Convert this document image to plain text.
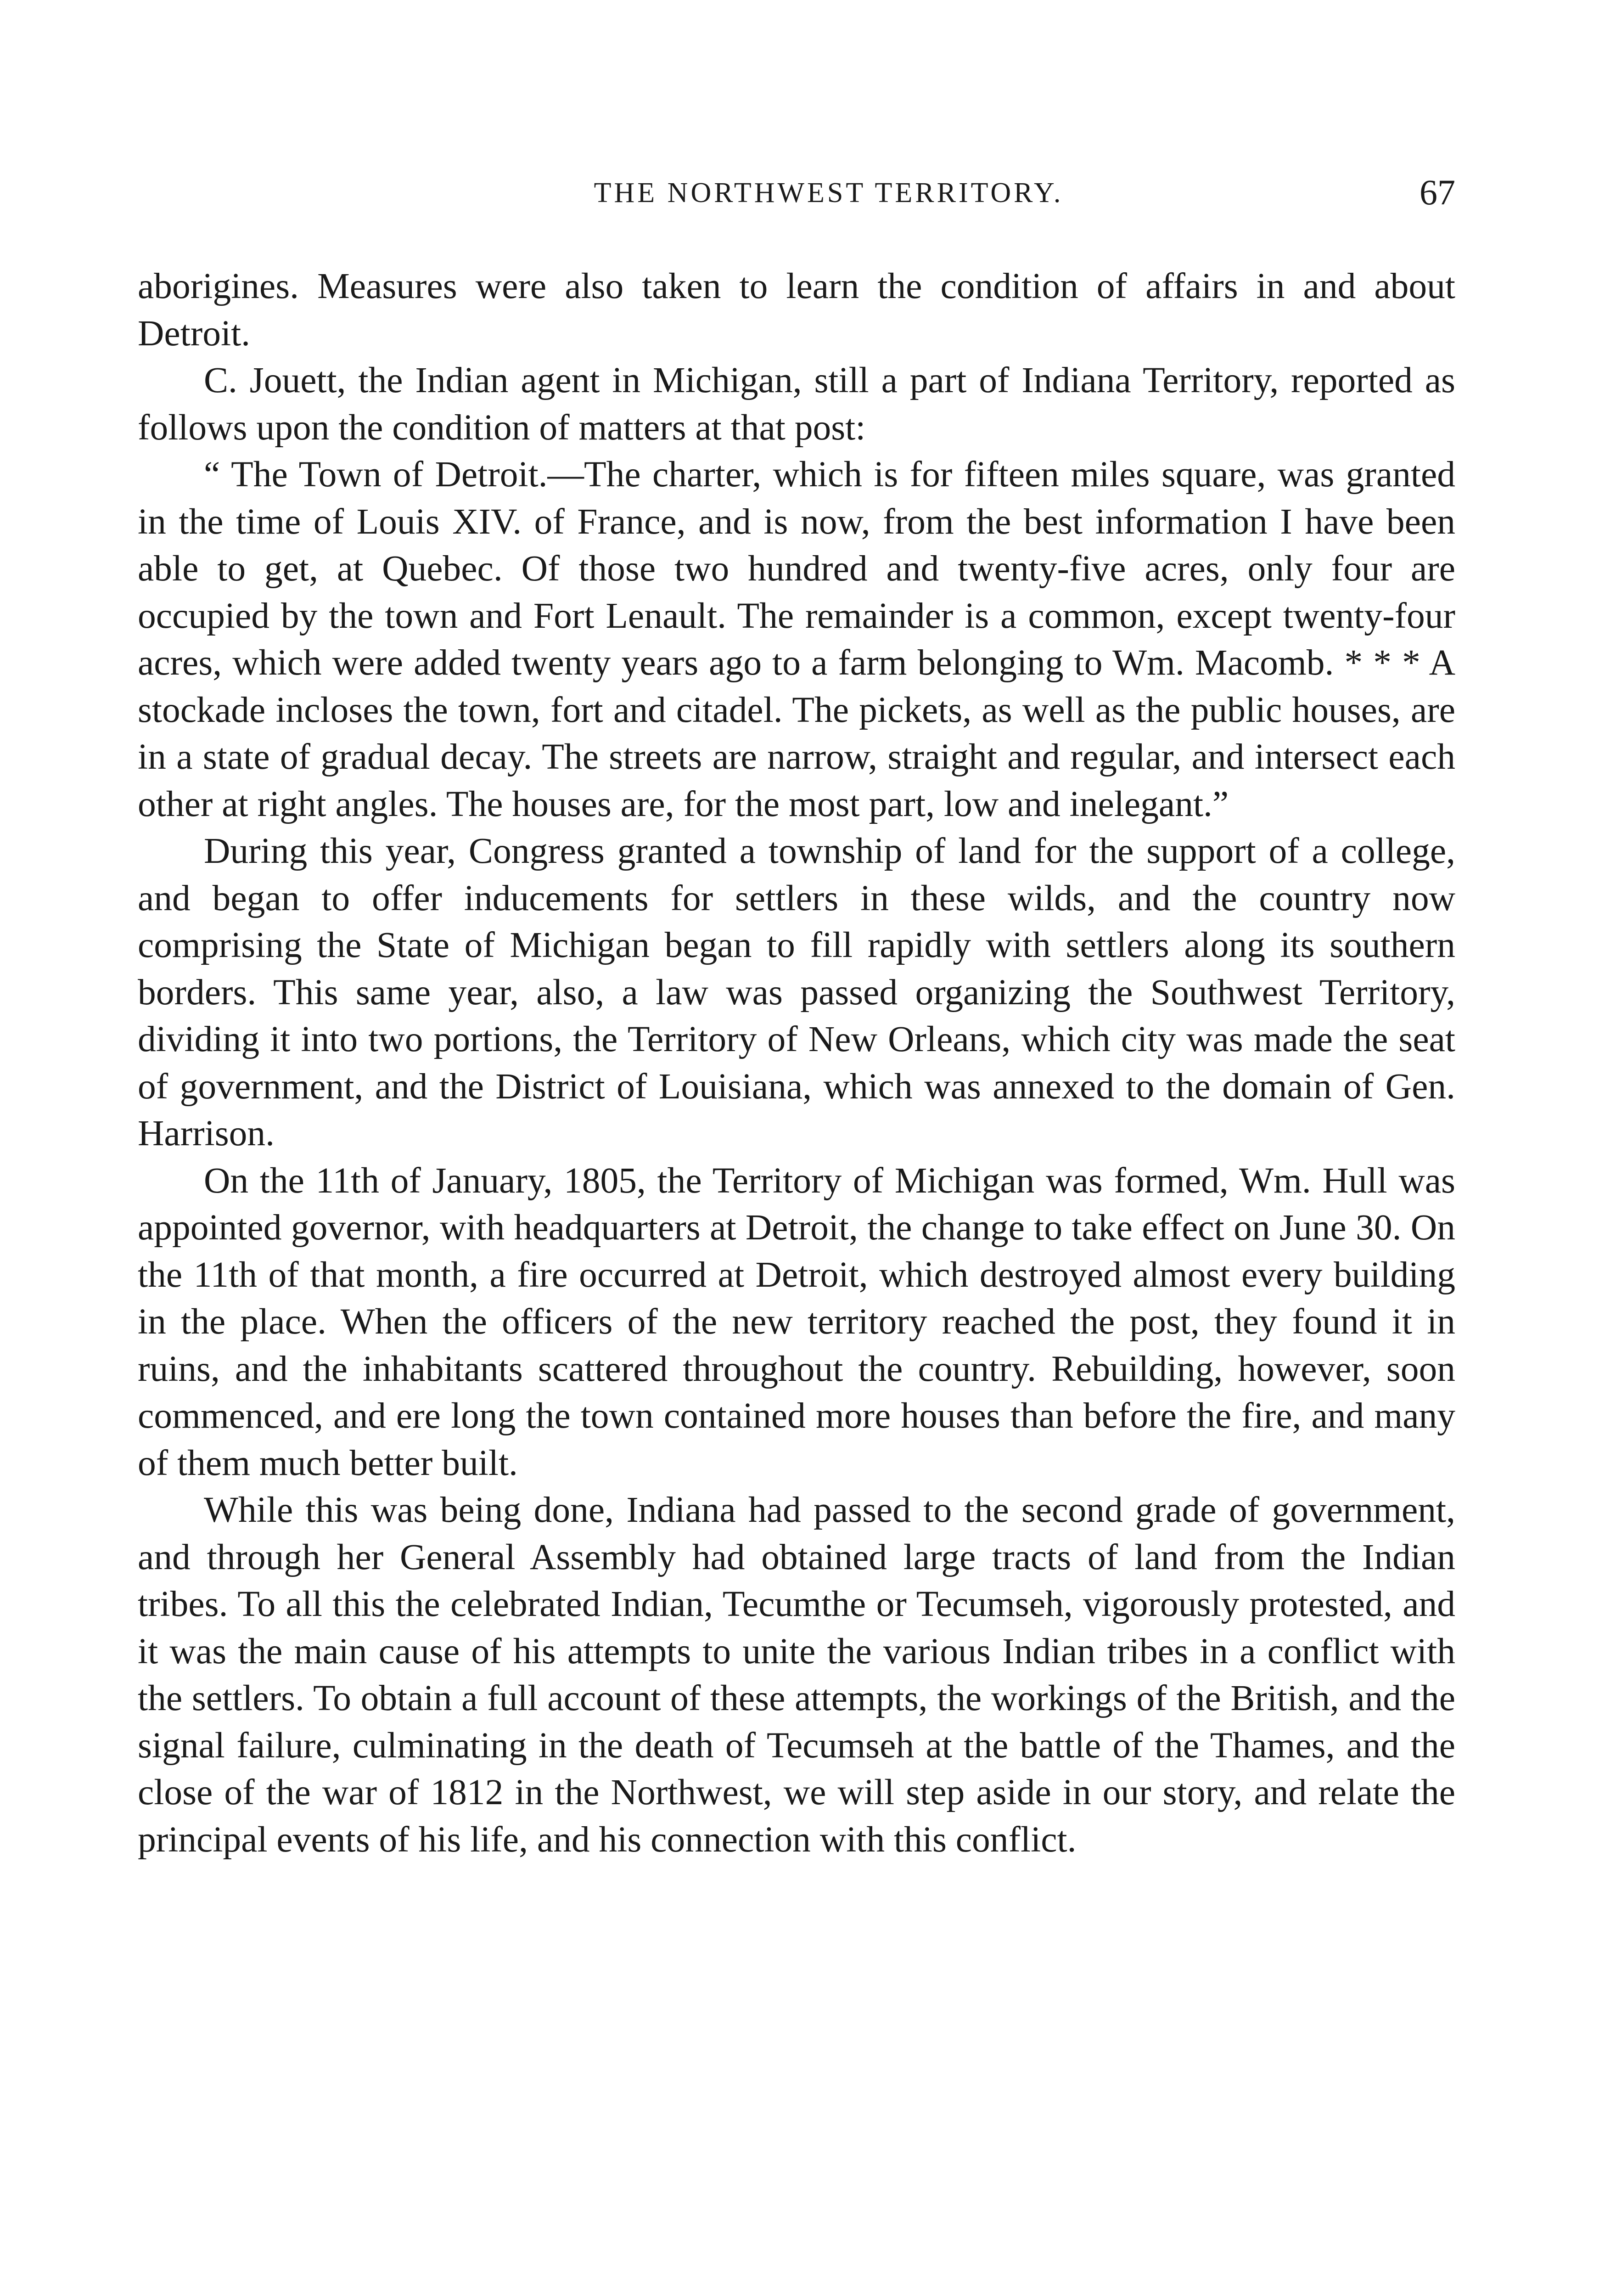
THE NORTHWEST TERRITORY.	67

aborigines. Measures were also taken to learn the condition of affairs in and about Detroit.

C. Jouett, the Indian agent in Michigan, still a part of Indiana Territory, reported as follows upon the condition of matters at that post:

“ The Town of Detroit.—The charter, which is for fifteen miles square, was granted in the time of Louis XIV. of France, and is now, from the best information I have been able to get, at Quebec. Of those two hundred and twenty-five acres, only four are occupied by the town and Fort Lenault. The remainder is a common, except twenty-four acres, which were added twenty years ago to a farm belonging to Wm. Macomb. * * * A stockade incloses the town, fort and citadel. The pickets, as well as the public houses, are in a state of gradual decay. The streets are narrow, straight and regular, and intersect each other at right angles. The houses are, for the most part, low and inelegant.”

During this year, Congress granted a township of land for the support of a college, and began to offer inducements for settlers in these wilds, and the country now comprising the State of Michigan began to fill rapidly with settlers along its southern borders. This same year, also, a law was passed organizing the Southwest Territory, dividing it into two portions, the Territory of New Orleans, which city was made the seat of government, and the District of Louisiana, which was annexed to the domain of Gen. Harrison.

On the 11th of January, 1805, the Territory of Michigan was formed, Wm. Hull was appointed governor, with headquarters at Detroit, the change to take effect on June 30. On the 11th of that month, a fire occurred at Detroit, which destroyed almost every building in the place. When the officers of the new territory reached the post, they found it in ruins, and the inhabitants scattered throughout the country. Rebuilding, however, soon commenced, and ere long the town contained more houses than before the fire, and many of them much better built.

While this was being done, Indiana had passed to the second grade of government, and through her General Assembly had obtained large tracts of land from the Indian tribes. To all this the celebrated Indian, Tecumthe or Tecumseh, vigorously protested, and it was the main cause of his attempts to unite the various Indian tribes in a conflict with the settlers. To obtain a full account of these attempts, the workings of the British, and the signal failure, culminating in the death of Tecumseh at the battle of the Thames, and the close of the war of 1812 in the Northwest, we will step aside in our story, and relate the principal events of his life, and his connection with this conflict.
